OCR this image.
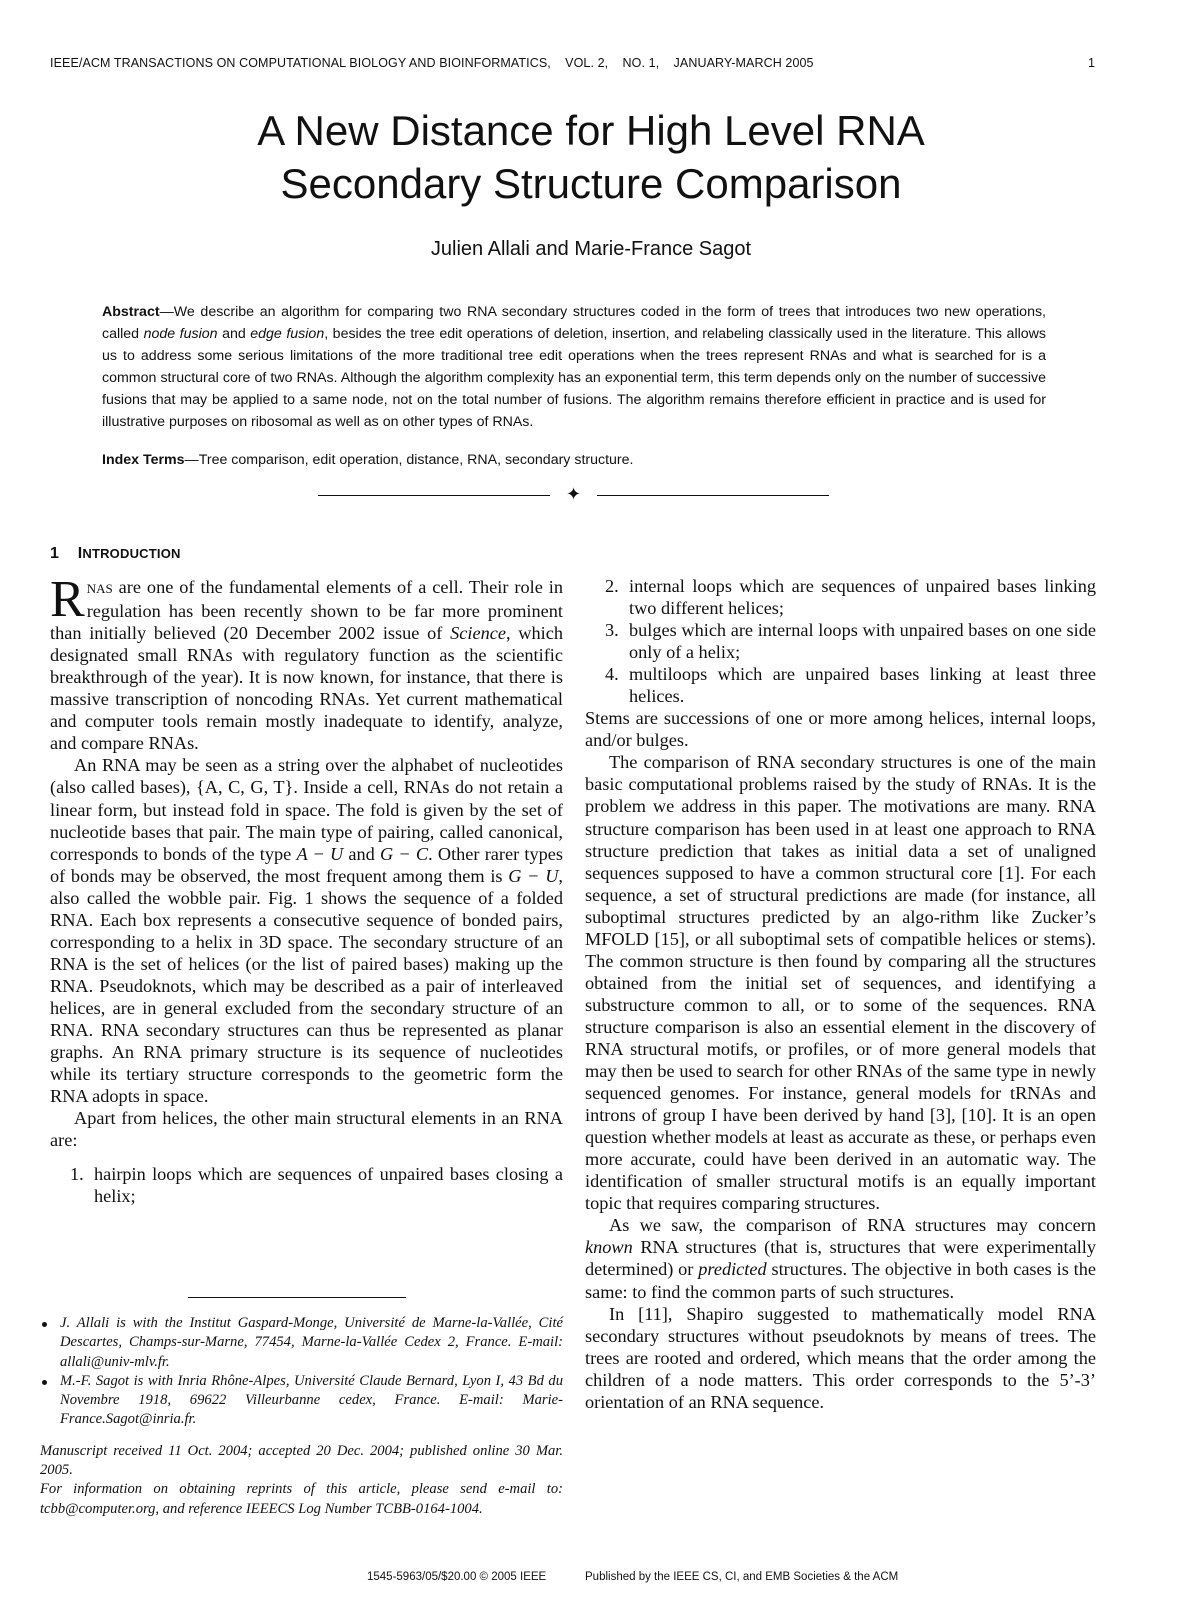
IEEE/ACM TRANSACTIONS ON COMPUTATIONAL BIOLOGY AND BIOINFORMATICS,    VOL. 2,    NO. 1,    JANUARY-MARCH 2005	1
A New Distance for High Level RNA
Secondary Structure Comparison
Julien Allali and Marie-France Sagot
Abstract—We describe an algorithm for comparing two RNA secondary structures coded in the form of trees that introduces two new operations, called node fusion and edge fusion, besides the tree edit operations of deletion, insertion, and relabeling classically used in the literature. This allows us to address some serious limitations of the more traditional tree edit operations when the trees represent RNAs and what is searched for is a common structural core of two RNAs. Although the algorithm complexity has an exponential term, this term depends only on the number of successive fusions that may be applied to a same node, not on the total number of fusions. The algorithm remains therefore efficient in practice and is used for illustrative purposes on ribosomal as well as on other types of RNAs.
Index Terms—Tree comparison, edit operation, distance, RNA, secondary structure.
✦
1 INTRODUCTION

RNAS are one of the fundamental elements of a cell. Their role in regulation has been recently shown to be far more prominent than initially believed (20 December 2002 issue of Science, which designated small RNAs with regulatory function as the scientific breakthrough of the year). It is now known, for instance, that there is massive transcription of noncoding RNAs. Yet current mathematical and computer tools remain mostly inadequate to identify, analyze, and compare RNAs.

An RNA may be seen as a string over the alphabet of nucleotides (also called bases), {A, C, G, T}. Inside a cell, RNAs do not retain a linear form, but instead fold in space. The fold is given by the set of nucleotide bases that pair. The main type of pairing, called canonical, corresponds to bonds of the type A − U and G − C. Other rarer types of bonds may be observed, the most frequent among them is G − U, also called the wobble pair. Fig. 1 shows the sequence of a folded RNA. Each box represents a consecutive sequence of bonded pairs, corresponding to a helix in 3D space. The secondary structure of an RNA is the set of helices (or the list of paired bases) making up the RNA. Pseudoknots, which may be described as a pair of interleaved helices, are in general excluded from the secondary structure of an RNA. RNA secondary structures can thus be represented as planar graphs. An RNA primary structure is its sequence of nucleotides while its tertiary structure corresponds to the geometric form the RNA adopts in space.

Apart from helices, the other main structural elements in an RNA are:

1. hairpin loops which are sequences of unpaired bases closing a helix;
2. internal loops which are sequences of unpaired bases linking two different helices;
3. bulges which are internal loops with unpaired bases on one side only of a helix;
4. multiloops which are unpaired bases linking at least three helices.

Stems are successions of one or more among helices, internal loops, and/or bulges.

The comparison of RNA secondary structures is one of the main basic computational problems raised by the study of RNAs. It is the problem we address in this paper. The motivations are many. RNA structure comparison has been used in at least one approach to RNA structure prediction that takes as initial data a set of unaligned sequences supposed to have a common structural core [1]. For each sequence, a set of structural predictions are made (for instance, all suboptimal structures predicted by an algo-rithm like Zucker’s MFOLD [15], or all suboptimal sets of compatible helices or stems). The common structure is then found by comparing all the structures obtained from the initial set of sequences, and identifying a substructure common to all, or to some of the sequences. RNA structure comparison is also an essential element in the discovery of RNA structural motifs, or profiles, or of more general models that may then be used to search for other RNAs of the same type in newly sequenced genomes. For instance, general models for tRNAs and introns of group I have been derived by hand [3], [10]. It is an open question whether models at least as accurate as these, or perhaps even more accurate, could have been derived in an automatic way. The identification of smaller structural motifs is an equally important topic that requires comparing structures.

As we saw, the comparison of RNA structures may concern known RNA structures (that is, structures that were experimentally determined) or predicted structures. The objective in both cases is the same: to find the common parts of such structures.

In [11], Shapiro suggested to mathematically model RNA secondary structures without pseudoknots by means of trees. The trees are rooted and ordered, which means that the order among the children of a node matters. This order corresponds to the 5’-3’ orientation of an RNA sequence.

J. Allali is with the Institut Gaspard-Monge, Université de Marne-la-Vallée, Cité Descartes, Champs-sur-Marne, 77454, Marne-la-Vallée Cedex 2, France. E-mail: allali@univ-mlv.fr.
M.-F. Sagot is with Inria Rhône-Alpes, Université Claude Bernard, Lyon I, 43 Bd du Novembre 1918, 69622 Villeurbanne cedex, France. E-mail: Marie-France.Sagot@inria.fr.
Manuscript received 11 Oct. 2004; accepted 20 Dec. 2004; published online 30 Mar. 2005.
For information on obtaining reprints of this article, please send e-mail to: tcbb@computer.org, and reference IEEECS Log Number TCBB-0164-1004.
1545-5963/05/$20.00 © 2005 IEEE	Published by the IEEE CS, CI, and EMB Societies & the ACM
